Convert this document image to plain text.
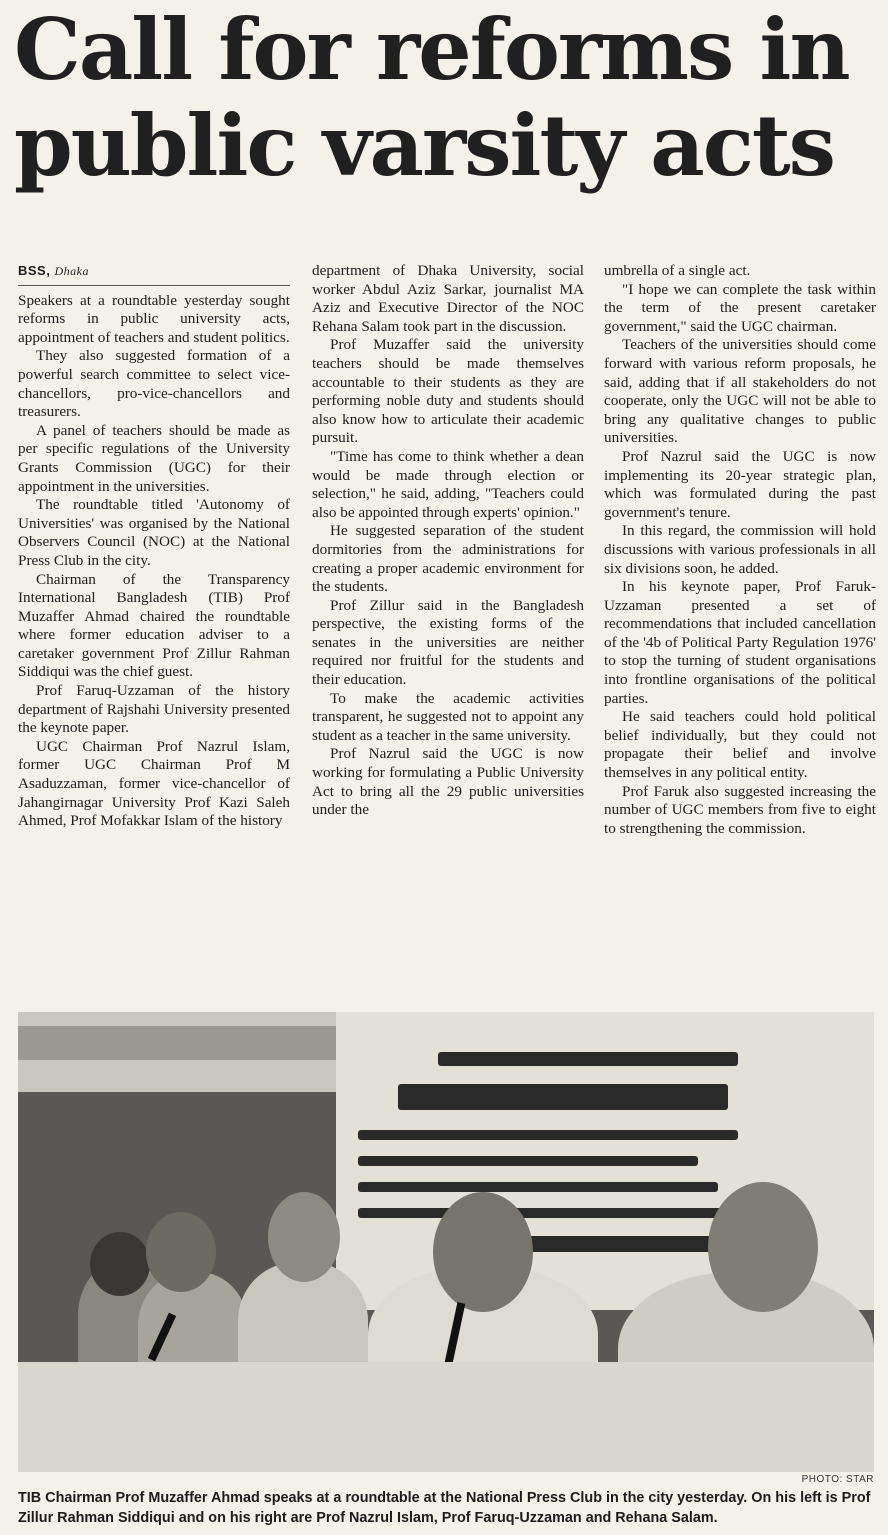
Call for reforms in
public varsity acts
BSS, Dhaka

Speakers at a roundtable yesterday sought reforms in public university acts, appointment of teachers and student politics.

They also suggested formation of a powerful search committee to select vice-chancellors, pro-vice-chancellors and treasurers.

A panel of teachers should be made as per specific regulations of the University Grants Commission (UGC) for their appointment in the universities.

The roundtable titled 'Autonomy of Universities' was organised by the National Observers Council (NOC) at the National Press Club in the city.

Chairman of the Transparency International Bangladesh (TIB) Prof Muzaffer Ahmad chaired the roundtable where former education adviser to a caretaker government Prof Zillur Rahman Siddiqui was the chief guest.

Prof Faruq-Uzzaman of the history department of Rajshahi University presented the keynote paper.

UGC Chairman Prof Nazrul Islam, former UGC Chairman Prof M Asaduzzaman, former vice-chancellor of Jahangirnagar University Prof Kazi Saleh Ahmed, Prof Mofakkar Islam of the history

department of Dhaka University, social worker Abdul Aziz Sarkar, journalist MA Aziz and Executive Director of the NOC Rehana Salam took part in the discussion.

Prof Muzaffer said the university teachers should be made themselves accountable to their students as they are performing noble duty and students should also know how to articulate their academic pursuit.

"Time has come to think whether a dean would be made through election or selection," he said, adding, "Teachers could also be appointed through experts' opinion."

He suggested separation of the student dormitories from the administrations for creating a proper academic environment for the students.

Prof Zillur said in the Bangladesh perspective, the existing forms of the senates in the universities are neither required nor fruitful for the students and their education.

To make the academic activities transparent, he suggested not to appoint any student as a teacher in the same university.

Prof Nazrul said the UGC is now working for formulating a Public University Act to bring all the 29 public universities under the

umbrella of a single act.

"I hope we can complete the task within the term of the present caretaker government," said the UGC chairman.

Teachers of the universities should come forward with various reform proposals, he said, adding that if all stakeholders do not cooperate, only the UGC will not be able to bring any qualitative changes to public universities.

Prof Nazrul said the UGC is now implementing its 20-year strategic plan, which was formulated during the past government's tenure.

In this regard, the commission will hold discussions with various professionals in all six divisions soon, he added.

In his keynote paper, Prof Faruk-Uzzaman presented a set of recommendations that included cancellation of the '4b of Political Party Regulation 1976' to stop the turning of student organisations into frontline organisations of the political parties.

He said teachers could hold political belief individually, but they could not propagate their belief and involve themselves in any political entity.

Prof Faruk also suggested increasing the number of UGC members from five to eight to strengthening the commission.

PHOTO: STAR
TIB Chairman Prof Muzaffer Ahmad speaks at a roundtable at the National Press Club in the city yesterday. On his left is Prof Zillur Rahman Siddiqui and on his right are Prof Nazrul Islam, Prof Faruq-Uzzaman and Rehana Salam.
